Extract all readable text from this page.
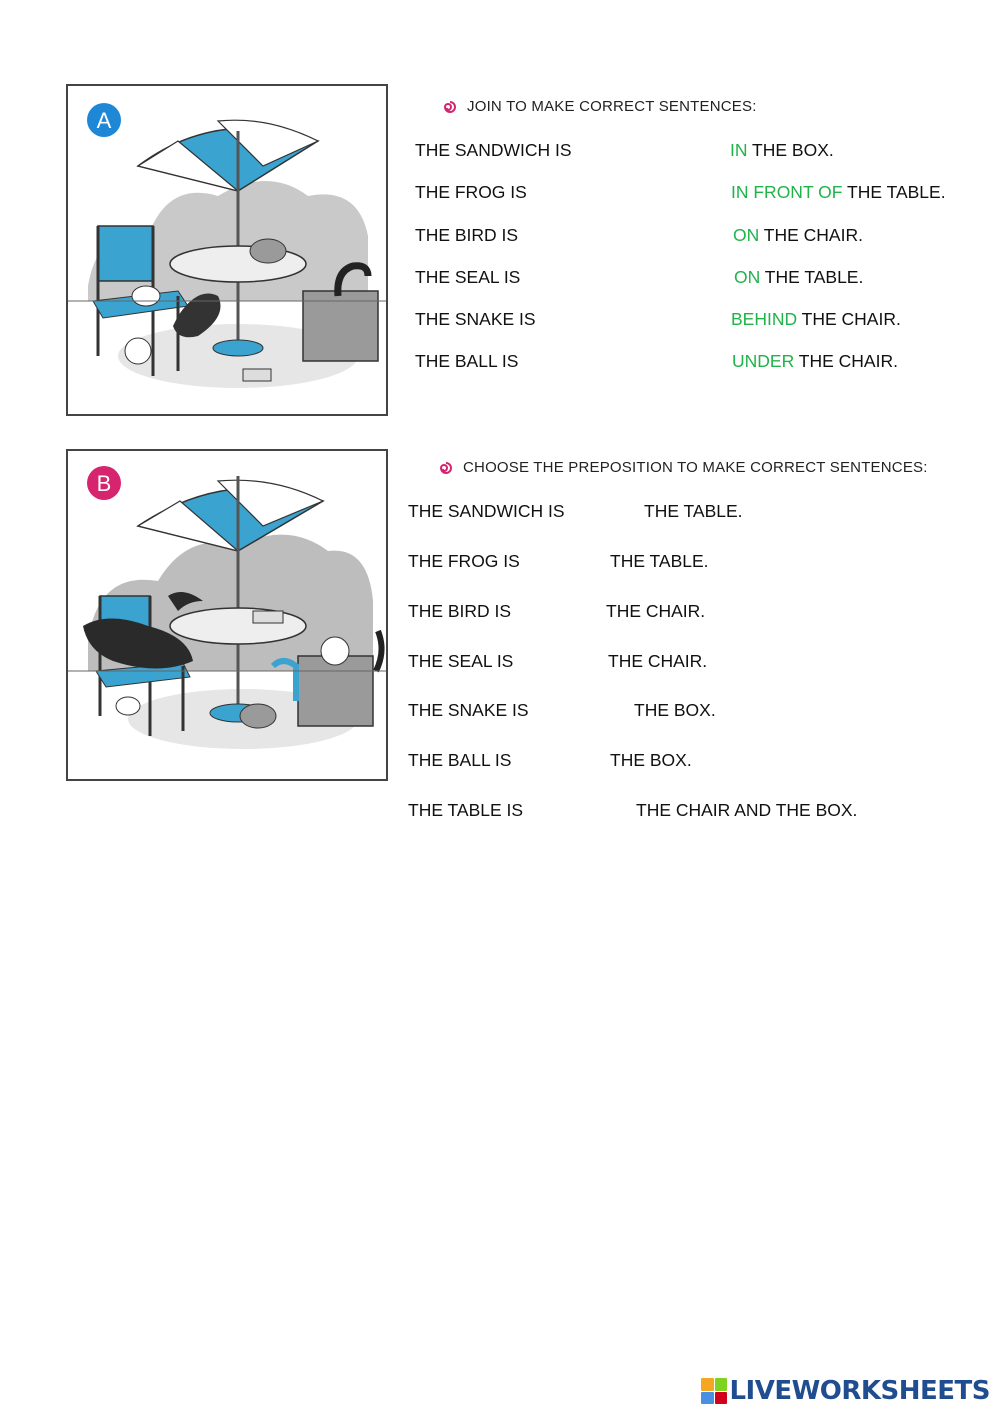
A
JOIN TO MAKE CORRECT SENTENCES:
THE SANDWICH IS
THE FROG IS
THE BIRD IS
THE SEAL IS
THE SNAKE IS
THE BALL IS
IN THE BOX.
IN FRONT OF THE TABLE.
ON THE CHAIR.
ON THE TABLE.
BEHIND THE CHAIR.
UNDER THE CHAIR.
B
CHOOSE THE PREPOSITION TO MAKE CORRECT SENTENCES:
THE SANDWICH IS
THE FROG IS
THE BIRD IS
THE SEAL IS
THE SNAKE IS
THE BALL IS
THE TABLE IS
THE TABLE.
THE TABLE.
THE CHAIR.
THE CHAIR.
THE BOX.
THE BOX.
THE CHAIR AND THE BOX.
LIVEWORKSHEETS
